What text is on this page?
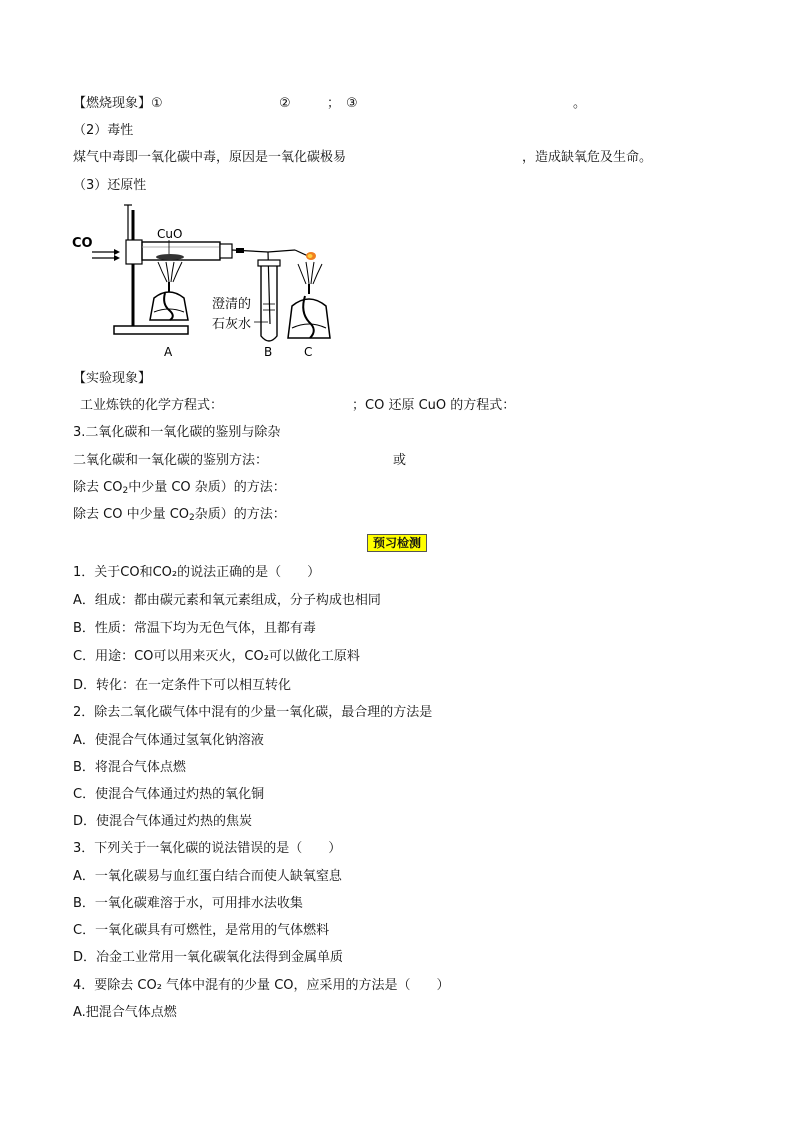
【燃烧现象】①	②	； ③	。
（2）毒性
煤气中毒即一氧化碳中毒，原因是一氧化碳极易	，造成缺氧危及生命。
（3）还原性
CO
CuO
澄清的
石灰水
A	B	C
【实验现象】
工业炼铁的化学方程式：	；CO 还原 CuO 的方程式：
3.二氧化碳和一氧化碳的鉴别与除杂
二氧化碳和一氧化碳的鉴别方法：	或
除去 $CO_2$中少量 CO 杂质）的方法：
除去 CO 中少量 $CO_2$杂质）的方法：
预习检测
1．关于CO和CO₂的说法正确的是（　　）
A．组成：都由碳元素和氧元素组成，分子构成也相同
B．性质：常温下均为无色气体，且都有毒
C．用途：CO可以用来灭火，CO₂可以做化工原料
D．转化：在一定条件下可以相互转化
2．除去二氧化碳气体中混有的少量一氧化碳，最合理的方法是
A．使混合气体通过氢氧化钠溶液
B．将混合气体点燃
C．使混合气体通过灼热的氧化铜
D．使混合气体通过灼热的焦炭
3．下列关于一氧化碳的说法错误的是（　　）
A．一氧化碳易与血红蛋白结合而使人缺氧窒息
B．一氧化碳难溶于水，可用排水法收集
C．一氧化碳具有可燃性，是常用的气体燃料
D．冶金工业常用一氧化碳氧化法得到金属单质
4．要除去 CO₂ 气体中混有的少量 CO，应采用的方法是（　　）
A.把混合气体点燃
